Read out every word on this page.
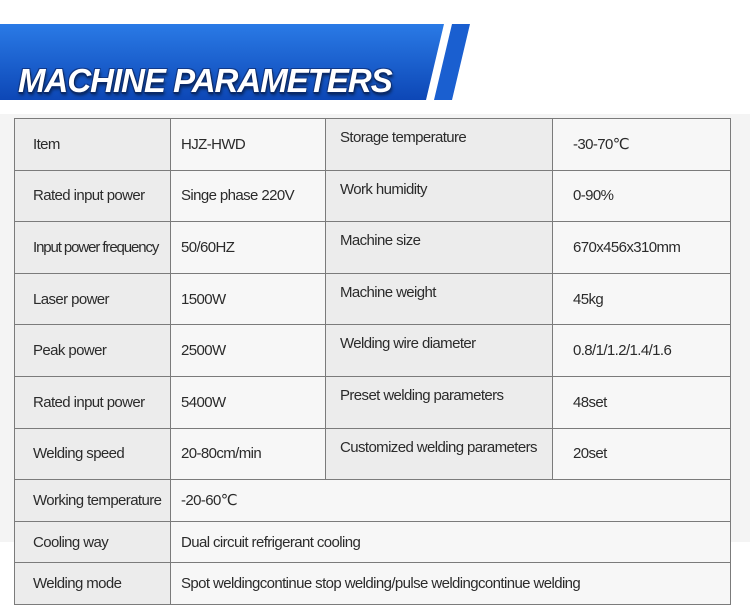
MACHINE PARAMETERS
Item	HJZ-HWD	Storage temperature	-30-70℃
Rated input power	Singe phase 220V	Work humidity	0-90%
Input power frequency	50/60HZ	Machine size	670x456x310mm
Laser power	1500W	Machine weight	45kg
Peak power	2500W	Welding wire diameter	0.8/1/1.2/1.4/1.6
Rated input power	5400W	Preset welding parameters	48set
Welding speed	20-80cm/min	Customized welding parameters	20set
Working temperature	-20-60℃		
Cooling way	Dual circuit refrigerant cooling		
Welding mode	Spot weldingcontinue stop welding/pulse weldingcontinue welding		
